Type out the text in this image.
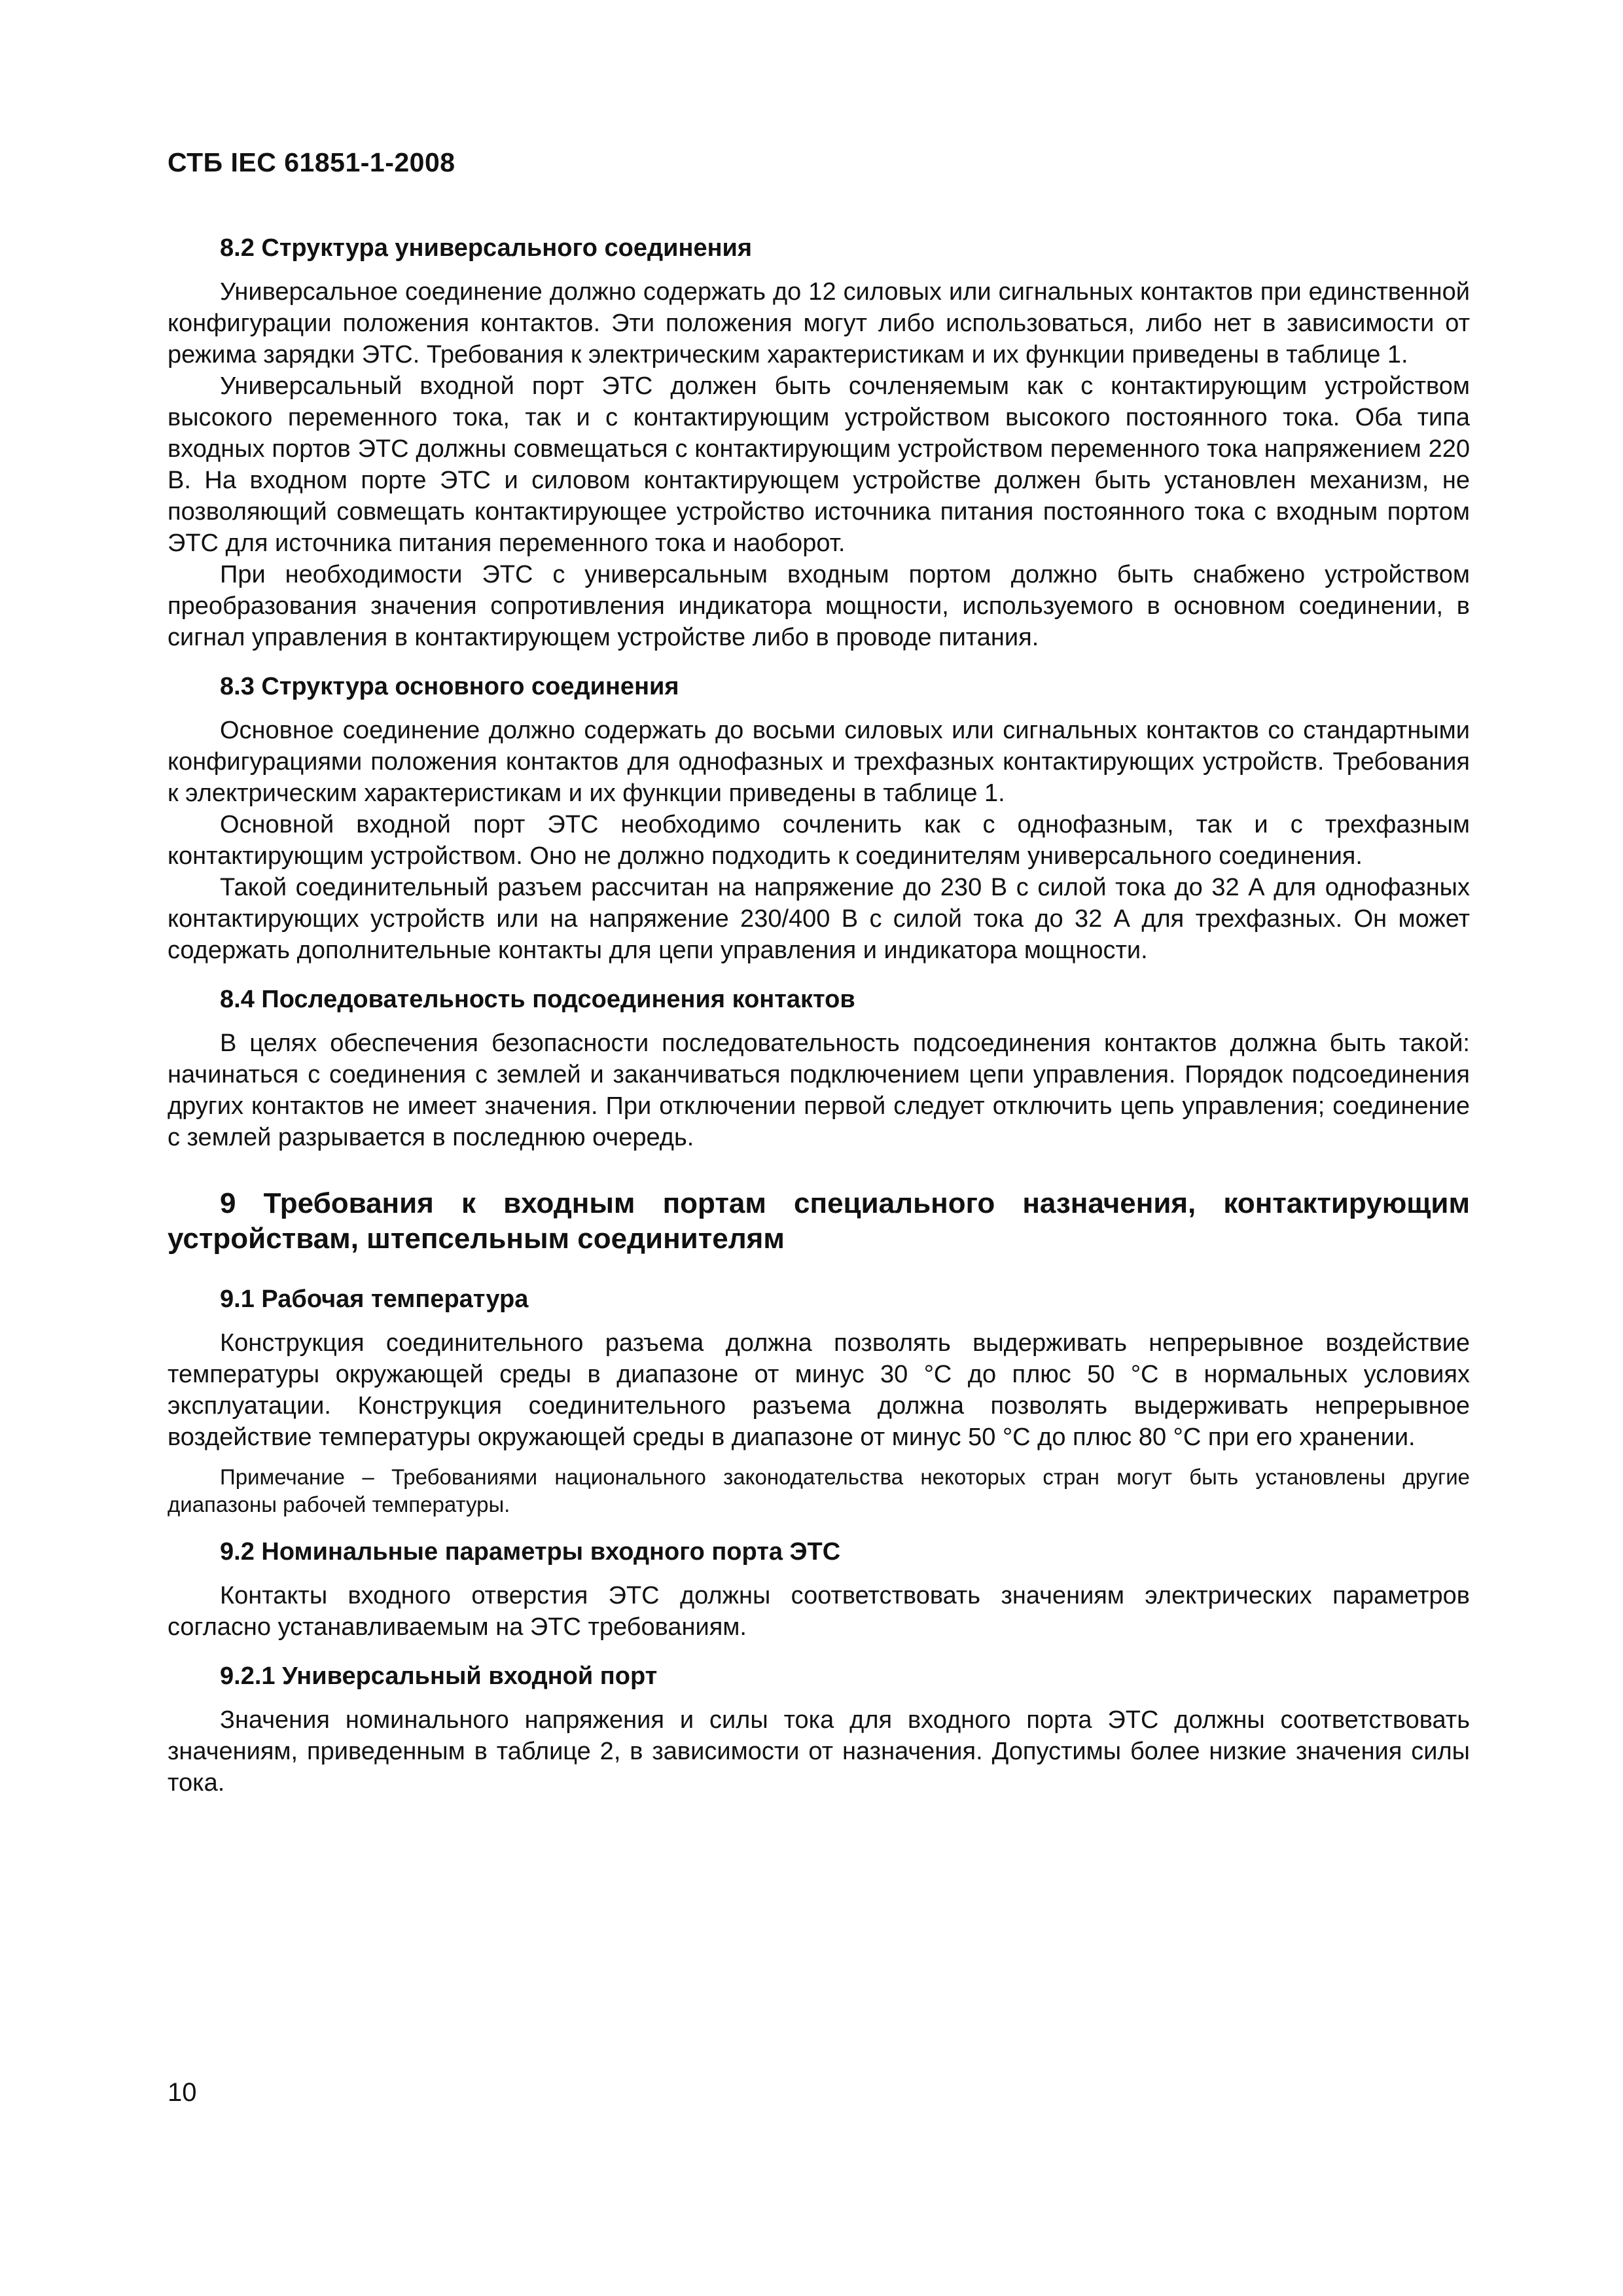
СТБ IEC 61851-1-2008
8.2 Структура универсального соединения

Универсальное соединение должно содержать до 12 силовых или сигнальных контактов при единственной конфигурации положения контактов. Эти положения могут либо использоваться, либо нет в зависимости от режима зарядки ЭТС. Требования к электрическим характеристикам и их функции приведены в таблице 1.

Универсальный входной порт ЭТС должен быть сочленяемым как с контактирующим устройством высокого переменного тока, так и с контактирующим устройством высокого постоянного тока. Оба типа входных портов ЭТС должны совмещаться с контактирующим устройством переменного тока напряжением 220 В. На входном порте ЭТС и силовом контактирующем устройстве должен быть установлен механизм, не позволяющий совмещать контактирующее устройство источника питания постоянного тока с входным портом ЭТС для источника питания переменного тока и наоборот.

При необходимости ЭТС с универсальным входным портом должно быть снабжено устройством преобразования значения сопротивления индикатора мощности, используемого в основном соединении, в сигнал управления в контактирующем устройстве либо в проводе питания.

8.3 Структура основного соединения

Основное соединение должно содержать до восьми силовых или сигнальных контактов со стандартными конфигурациями положения контактов для однофазных и трехфазных контактирующих устройств. Требования к электрическим характеристикам и их функции приведены в таблице 1.

Основной входной порт ЭТС необходимо сочленить как с однофазным, так и с трехфазным контактирующим устройством. Оно не должно подходить к соединителям универсального соединения.

Такой соединительный разъем рассчитан на напряжение до 230 В с силой тока до 32 А для однофазных контактирующих устройств или на напряжение 230/400 В с силой тока до 32 А для трехфазных. Он может содержать дополнительные контакты для цепи управления и индикатора мощности.

8.4 Последовательность подсоединения контактов

В целях обеспечения безопасности последовательность подсоединения контактов должна быть такой: начинаться с соединения с землей и заканчиваться подключением цепи управления. Порядок подсоединения других контактов не имеет значения. При отключении первой следует отключить цепь управления; соединение с землей разрывается в последнюю очередь.

9 Требования к входным портам специального назначения, контактирующим устройствам, штепсельным соединителям
9.1 Рабочая температура

Конструкция соединительного разъема должна позволять выдерживать непрерывное воздействие температуры окружающей среды в диапазоне от минус 30 °С до плюс 50 °С в нормальных условиях эксплуатации. Конструкция соединительного разъема должна позволять выдерживать непрерывное воздействие температуры окружающей среды в диапазоне от минус 50 °С до плюс 80 °С при его хранении.

Примечание – Требованиями национального законодательства некоторых стран могут быть установлены другие диапазоны рабочей температуры.

9.2 Номинальные параметры входного порта ЭТС

Контакты входного отверстия ЭТС должны соответствовать значениям электрических параметров согласно устанавливаемым на ЭТС требованиям.

9.2.1 Универсальный входной порт

Значения номинального напряжения и силы тока для входного порта ЭТС должны соответствовать значениям, приведенным в таблице 2, в зависимости от назначения. Допустимы более низкие значения силы тока.

10
